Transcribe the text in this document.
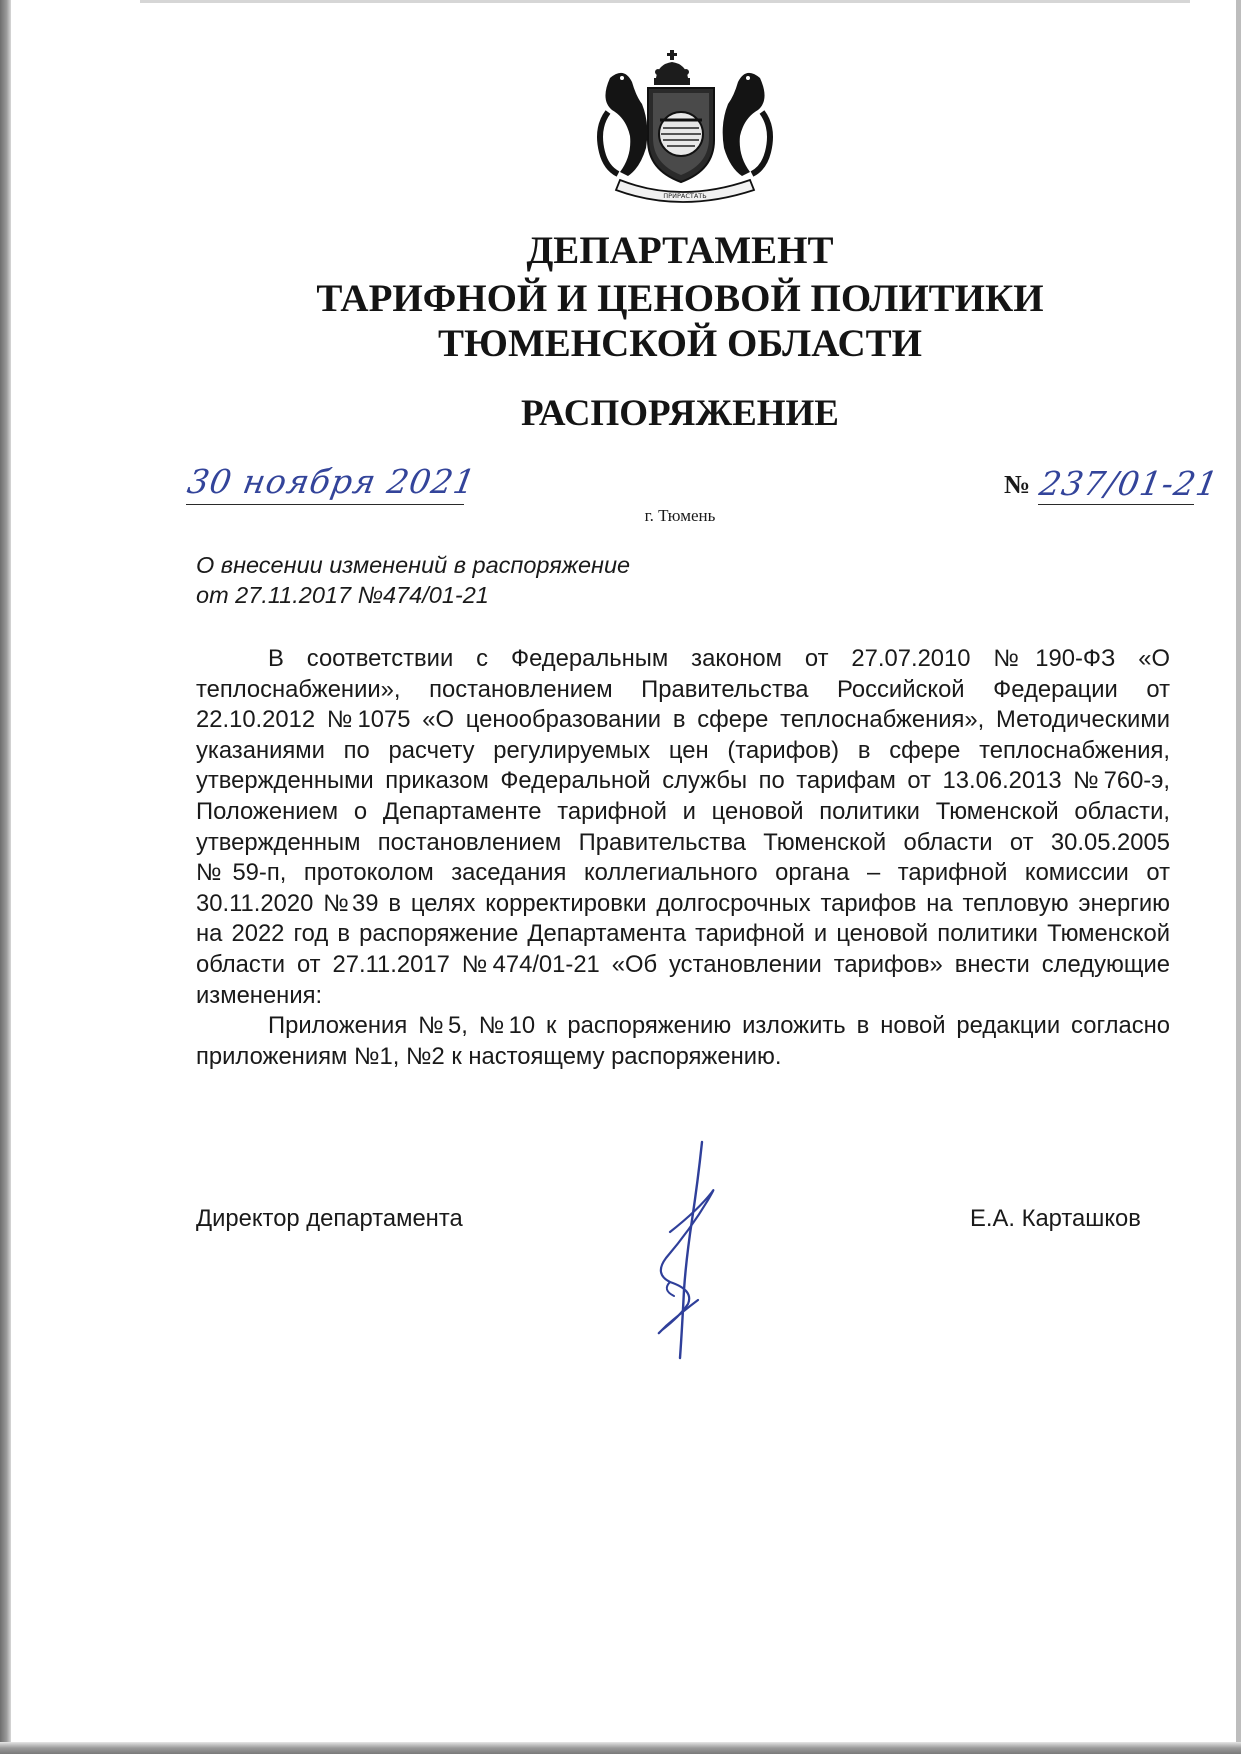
ПРИРАСТАТЬ
ДЕПАРТАМЕНТ
ТАРИФНОЙ И ЦЕНОВОЙ ПОЛИТИКИ
ТЮМЕНСКОЙ ОБЛАСТИ
РАСПОРЯЖЕНИЕ
30 ноября 2021
г. Тюмень
№ 237/01-21
О внесении изменений в распоряжение
от 27.11.2017 №474/01-21

В соответствии с Федеральным законом от 27.07.2010 №190-ФЗ «О теплоснабжении», постановлением Правительства Российской Федерации от 22.10.2012 №1075 «О ценообразовании в сфере теплоснабжения», Методическими указаниями по расчету регулируемых цен (тарифов) в сфере теплоснабжения, утвержденными приказом Федеральной службы по тарифам от 13.06.2013 №760-э, Положением о Департаменте тарифной и ценовой политики Тюменской области, утвержденным постановлением Правительства Тюменской области от 30.05.2005 №59-п, протоколом заседания коллегиального органа – тарифной комиссии от 30.11.2020 №39 в целях корректировки долгосрочных тарифов на тепловую энергию на 2022 год в распоряжение Департамента тарифной и ценовой политики Тюменской области от 27.11.2017 №474/01-21 «Об установлении тарифов» внести следующие изменения:

Приложения №5, №10 к распоряжению изложить в новой редакции согласно приложениям №1, №2 к настоящему распоряжению.

Директор департамента	Е.А. Карташков
